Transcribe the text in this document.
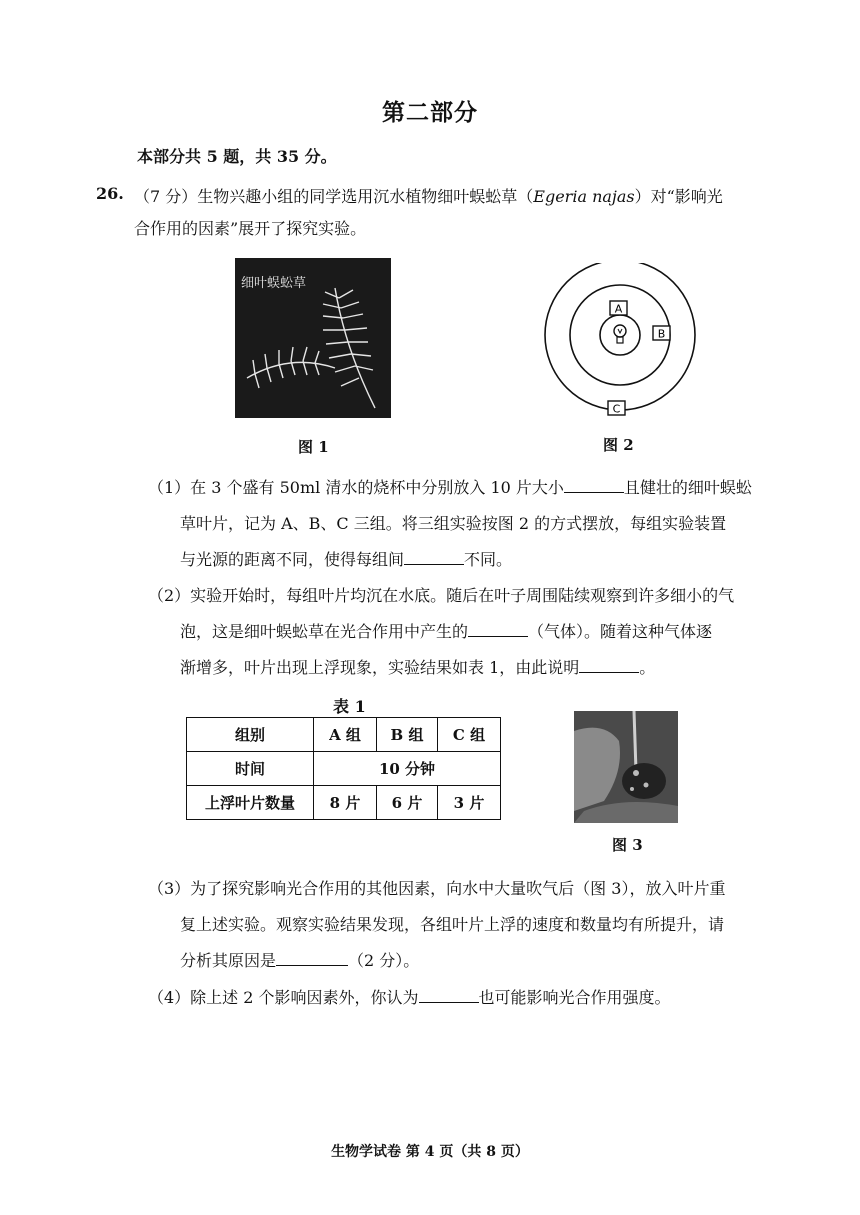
第二部分
本部分共 5 题，共 35 分。
26. （7 分）生物兴趣小组的同学选用沉水植物细叶蜈蚣草（Egeria najas）对“影响光
合作用的因素”展开了探究实验。
细叶蜈蚣草
图 1
A
B
C
图 2
（1）在 3 个盛有 50ml 清水的烧杯中分别放入 10 片大小	且健壮的细叶蜈蚣
草叶片，记为 A、B、C 三组。将三组实验按图 2 的方式摆放，每组实验装置
与光源的距离不同，使得每组间	不同。
（2）实验开始时，每组叶片均沉在水底。随后在叶子周围陆续观察到许多细小的气
泡，这是细叶蜈蚣草在光合作用中产生的	（气体）。随着这种气体逐
渐增多，叶片出现上浮现象，实验结果如表 1，由此说明	。
表 1
组别	A 组	B 组	C 组
时间	10 分钟		
上浮叶片数量	8 片	6 片	3 片
图 3
（3）为了探究影响光合作用的其他因素，向水中大量吹气后（图 3），放入叶片重
复上述实验。观察实验结果发现，各组叶片上浮的速度和数量均有所提升，请
分析其原因是	（2 分）。
（4）除上述 2 个影响因素外，你认为	也可能影响光合作用强度。
生物学试卷 第 4 页（共 8 页）
